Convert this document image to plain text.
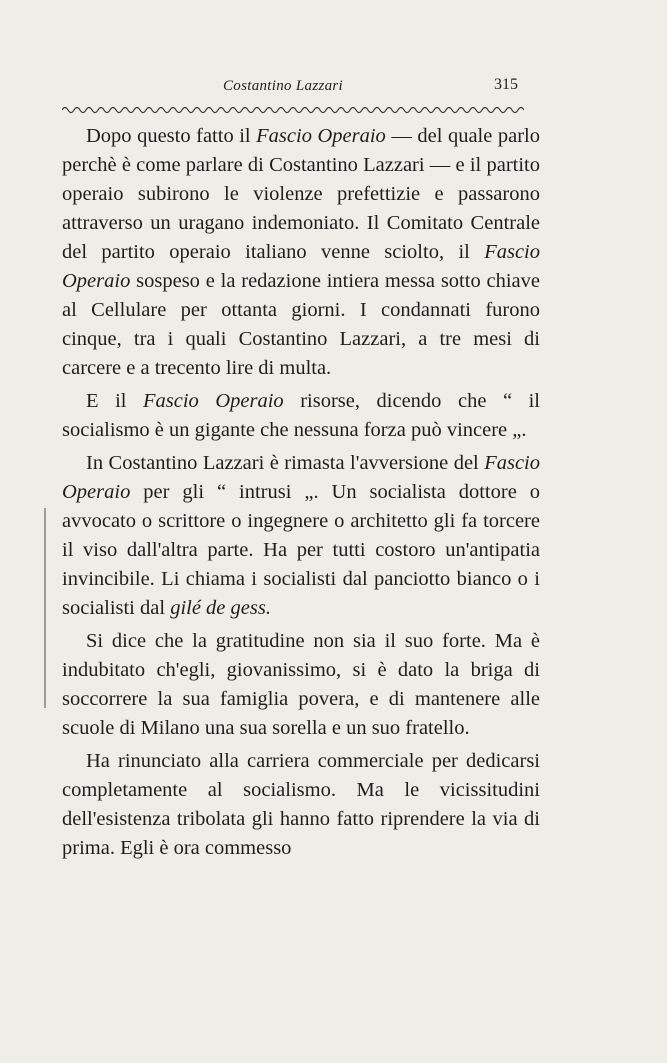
Costantino Lazzari	315

Dopo questo fatto il Fascio Operaio — del quale parlo perchè è come parlare di Costantino Lazzari — e il partito operaio subirono le violenze prefettizie e passarono attraverso un uragano indemoniato. Il Comitato Centrale del partito operaio italiano venne sciolto, il Fascio Operaio sospeso e la redazione intiera messa sotto chiave al Cellulare per ottanta giorni. I condannati furono cinque, tra i quali Costantino Lazzari, a tre mesi di carcere e a trecento lire di multa.

E il Fascio Operaio risorse, dicendo che “ il socialismo è un gigante che nessuna forza può vincere „.

In Costantino Lazzari è rimasta l'avversione del Fascio Operaio per gli “ intrusi „. Un socialista dottore o avvocato o scrittore o ingegnere o architetto gli fa torcere il viso dall'altra parte. Ha per tutti costoro un'antipatia invincibile. Li chiama i socialisti dal panciotto bianco o i socialisti dal gilé de gess.

Si dice che la gratitudine non sia il suo forte. Ma è indubitato ch'egli, giovanissimo, si è dato la briga di soccorrere la sua famiglia povera, e di mantenere alle scuole di Milano una sua sorella e un suo fratello.

Ha rinunciato alla carriera commerciale per dedicarsi completamente al socialismo. Ma le vicissitudini dell'esistenza tribolata gli hanno fatto riprendere la via di prima. Egli è ora commesso
